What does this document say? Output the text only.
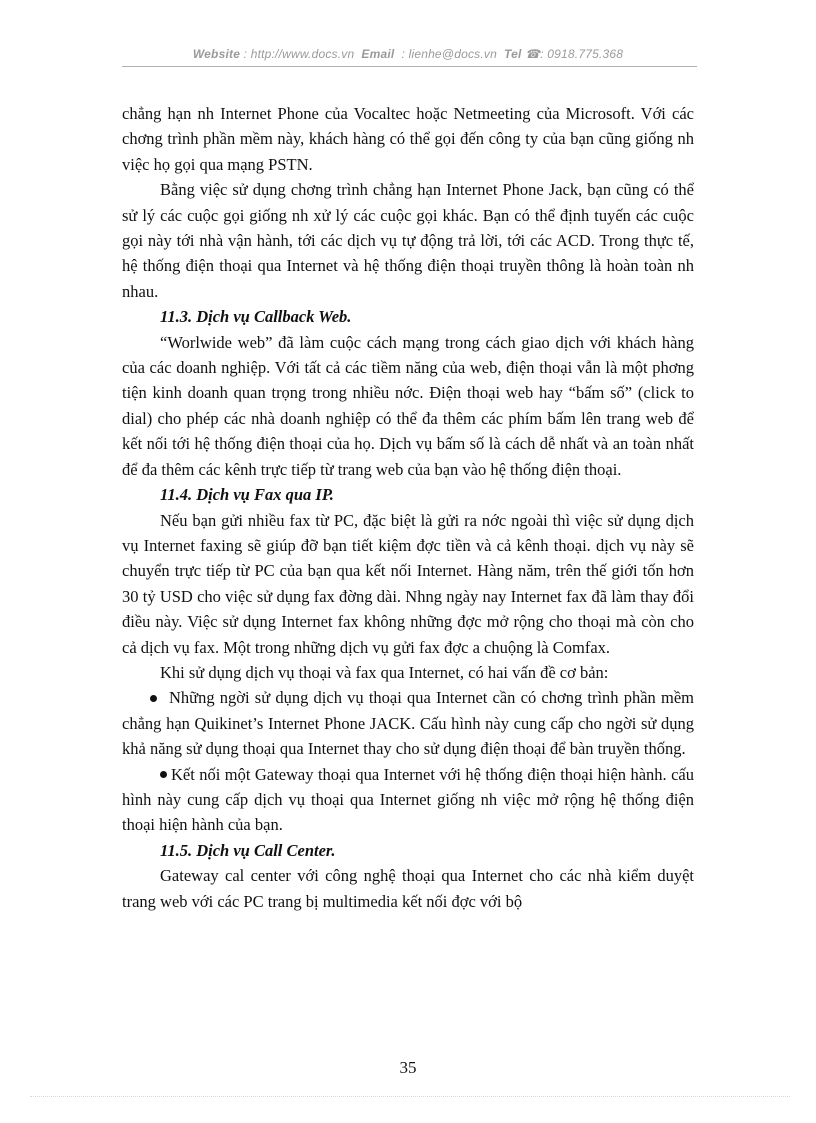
Website : http://www.docs.vn Email : lienhe@docs.vn Tel ☎: 0918.775.368

chẳng hạn nh Internet Phone của Vocaltec hoặc Netmeeting của Microsoft. Với các chơng trình phần mềm này, khách hàng có thể gọi đến công ty của bạn cũng giống nh việc họ gọi qua mạng PSTN.

Bằng việc sử dụng chơng trình chẳng hạn Internet Phone Jack, bạn cũng có thể sử lý các cuộc gọi giống nh xử lý các cuộc gọi khác. Bạn có thể định tuyến các cuộc gọi này tới nhà vận hành, tới các dịch vụ tự động trả lời, tới các ACD. Trong thực tế, hệ thống điện thoại qua Internet và hệ thống điện thoại truyền thông là hoàn toàn nh nhau.

11.3. Dịch vụ Callback Web.

“Worlwide web” đã làm cuộc cách mạng trong cách giao dịch với khách hàng của các doanh nghiệp. Với tất cả các tiềm năng của web, điện thoại vẫn là một phơng tiện kinh doanh quan trọng trong nhiều nớc. Điện thoại web hay “bấm số” (click to dial) cho phép các nhà doanh nghiệp có thể đa thêm các phím bấm lên trang web để kết nối tới hệ thống điện thoại của họ. Dịch vụ bấm số là cách dễ nhất và an toàn nhất để đa thêm các kênh trực tiếp từ trang web của bạn vào hệ thống điện thoại.

11.4. Dịch vụ Fax qua IP.

Nếu bạn gửi nhiều fax từ PC, đặc biệt là gửi ra nớc ngoài thì việc sử dụng dịch vụ Internet faxing sẽ giúp đỡ bạn tiết kiệm đợc tiền và cả kênh thoại. dịch vụ này sẽ chuyển trực tiếp từ PC của bạn qua kết nối Internet. Hàng năm, trên thế giới tốn hơn 30 tỷ USD cho việc sử dụng fax đờng dài. Nhng ngày nay Internet fax đã làm thay đổi điều này. Việc sử dụng Internet fax không những đợc mở rộng cho thoại mà còn cho cả dịch vụ fax. Một trong những dịch vụ gửi fax đợc a chuộng là Comfax.

Khi sử dụng dịch vụ thoại và fax qua Internet, có hai vấn đề cơ bản:

Những ngời sử dụng dịch vụ thoại qua Internet cần có chơng trình phần mềm chẳng hạn Quikinet’s Internet Phone JACK. Cấu hình này cung cấp cho ngời sử dụng khả năng sử dụng thoại qua Internet thay cho sử dụng điện thoại để bàn truyền thống.

Kết nối một Gateway thoại qua Internet với hệ thống điện thoại hiện hành. cấu hình này cung cấp dịch vụ thoại qua Internet giống nh việc mở rộng hệ thống điện thoại hiện hành của bạn.

11.5. Dịch vụ Call Center.

Gateway cal center với công nghệ thoại qua Internet cho các nhà kiểm duyệt trang web với các PC trang bị multimedia kết nối đợc với bộ

35
